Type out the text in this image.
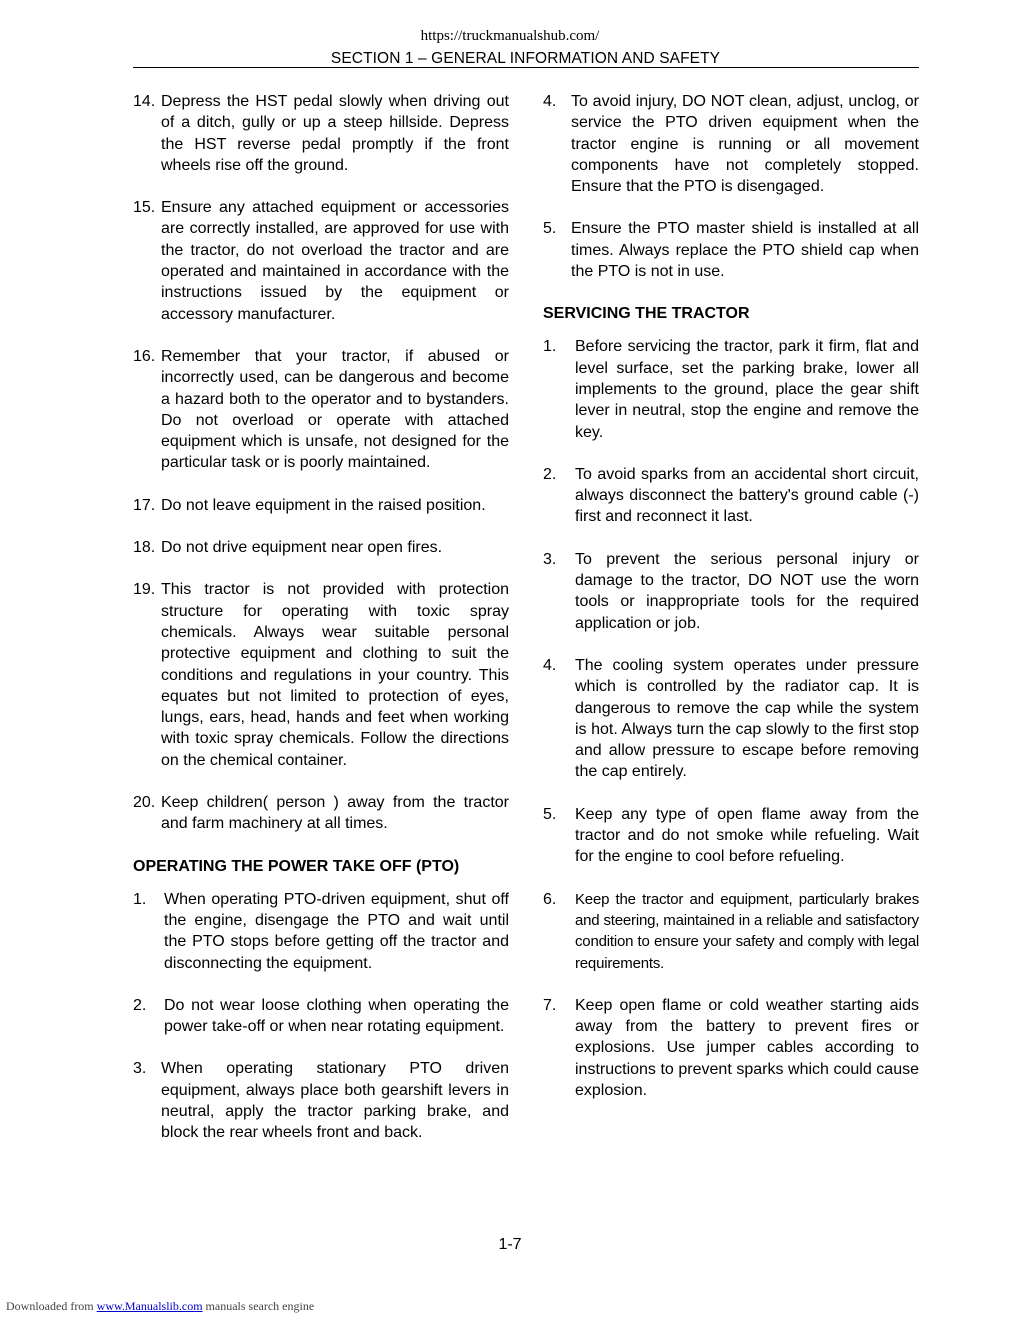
https://truckmanualshub.com/
SECTION 1 – GENERAL INFORMATION AND SAFETY
14. Depress the HST pedal slowly when driving out of a ditch, gully or up a steep hillside. Depress the HST reverse pedal promptly if the front wheels rise off the ground.
15. Ensure any attached equipment or accessories are correctly installed, are approved for use with the tractor, do not overload the tractor and are operated and maintained in accordance with the instructions issued by the equipment or accessory manufacturer.
16. Remember that your tractor, if abused or incorrectly used, can be dangerous and become a hazard both to the operator and to bystanders. Do not overload or operate with attached equipment which is unsafe, not designed for the particular task or is poorly maintained.
17. Do not leave equipment in the raised position.
18. Do not drive equipment near open fires.
19. This tractor is not provided with protection structure for operating with toxic spray chemicals. Always wear suitable personal protective equipment and clothing to suit the conditions and regulations in your country. This equates but not limited to protection of eyes, lungs, ears, head, hands and feet when working with toxic spray chemicals. Follow the directions on the chemical container.
20. Keep children( person ) away from the tractor and farm machinery at all times.
OPERATING THE POWER TAKE OFF (PTO)
1.	When operating PTO-driven equipment, shut off the engine, disengage the PTO and wait until the PTO stops before getting off the tractor and disconnecting the equipment.
2.	Do not wear loose clothing when operating the power take-off or when near rotating equipment.
3. When operating stationary PTO driven equipment, always place both gearshift levers in neutral, apply the tractor parking brake, and block the rear wheels front and back.
4. To avoid injury, DO NOT clean, adjust, unclog, or service the PTO driven equipment when the tractor engine is running or all movement components have not completely stopped. Ensure that the PTO is disengaged.
5. Ensure the PTO master shield is installed at all times. Always replace the PTO shield cap when the PTO is not in use.
SERVICING THE TRACTOR
1.	Before servicing the tractor, park it firm, flat and level surface, set the parking brake, lower all implements to the ground, place the gear shift lever in neutral, stop the engine and remove the key.
2.	To avoid sparks from an accidental short circuit, always disconnect the battery's ground cable (-) first and reconnect it last.
3.	To prevent the serious personal injury or damage to the tractor, DO NOT use the worn tools or inappropriate tools for the required application or job.
4.	The cooling system operates under pressure which is controlled by the radiator cap. It is dangerous to remove the cap while the system is hot. Always turn the cap slowly to the first stop and allow pressure to escape before removing the cap entirely.
5.	Keep any type of open flame away from the tractor and do not smoke while refueling. Wait for the engine to cool before refueling.
6.	Keep the tractor and equipment, particularly brakes and steering, maintained in a reliable and satisfactory condition to ensure your safety and comply with legal requirements.
7.	Keep open flame or cold weather starting aids away from the battery to prevent fires or explosions. Use jumper cables according to instructions to prevent sparks which could cause explosion.
1-7
Downloaded from www.Manualslib.com manuals search engine
